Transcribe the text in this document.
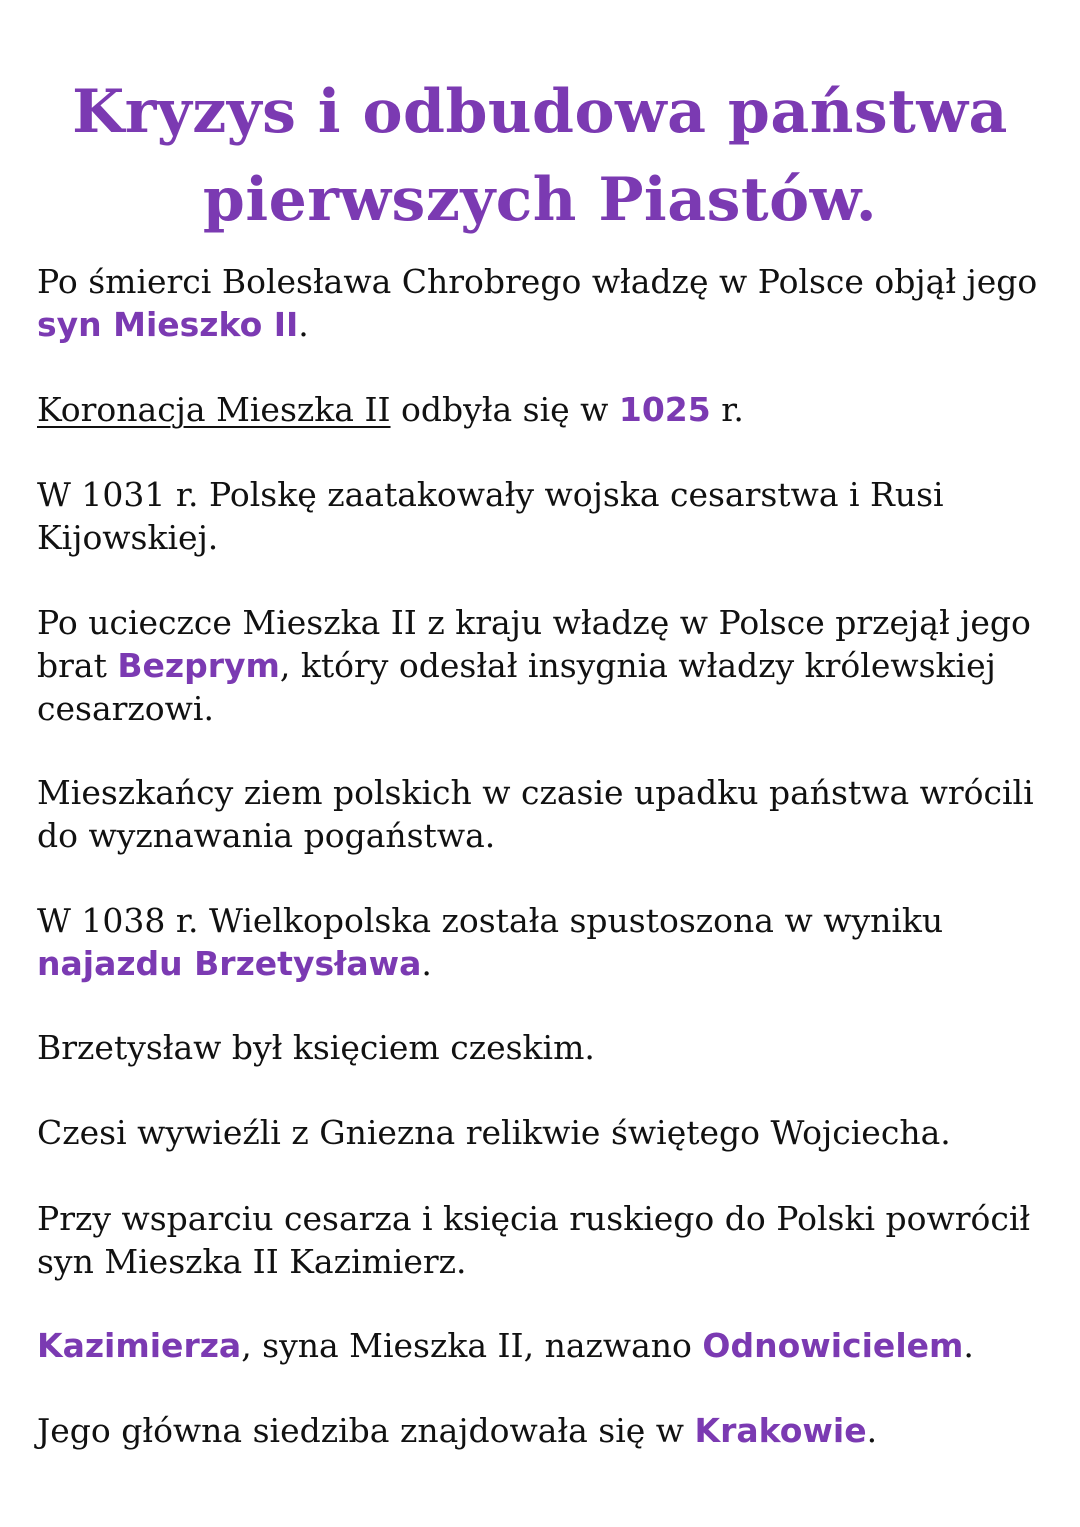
Kryzys i odbudowa państwa
pierwszych Piastów.

Po śmierci Bolesława Chrobrego władzę w Polsce objął jego syn Mieszko II.

Koronacja Mieszka II odbyła się w 1025 r.

W 1031 r. Polskę zaatakowały wojska cesarstwa i Rusi Kijowskiej.

Po ucieczce Mieszka II z kraju władzę w Polsce przejął jego brat Bezprym, który odesłał insygnia władzy królewskiej cesarzowi.

Mieszkańcy ziem polskich w czasie upadku państwa wrócili do wyznawania pogaństwa.

W 1038 r. Wielkopolska została spustoszona w wyniku najazdu Brzetysława.

Brzetysław był księciem czeskim.

Czesi wywieźli z Gniezna relikwie świętego Wojciecha.

Przy wsparciu cesarza i księcia ruskiego do Polski powrócił syn Mieszka II Kazimierz.

Kazimierza, syna Mieszka II, nazwano Odnowicielem.

Jego główna siedziba znajdowała się w Krakowie.
